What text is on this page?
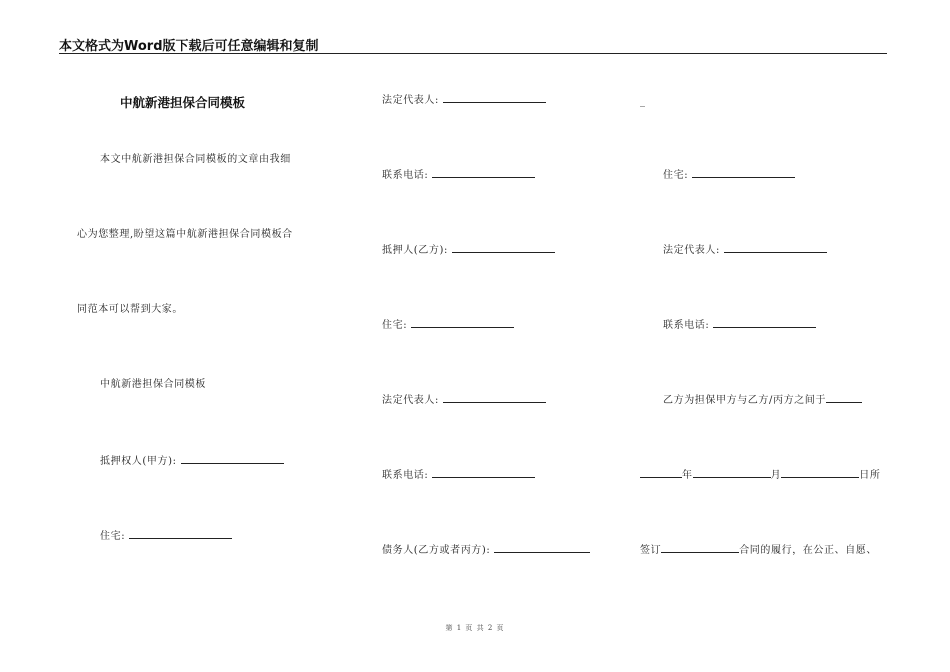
本文格式为Word版下载后可任意编辑和复制
中航新港担保合同模板
本文中航新港担保合同模板的文章由我细
心为您整理,盼望这篇中航新港担保合同模板合
同范本可以帮到大家。
中航新港担保合同模板
抵押权人(甲方):
住宅:
法定代表人:
联系电话:
抵押人(乙方):
住宅:
法定代表人:
联系电话:
债务人(乙方或者丙方):
_
住宅:
法定代表人:
联系电话:
乙方为担保甲方与乙方/丙方之间于
年	月	日所
签订	合同的履行，在公正、自愿、
第 1 页 共 2 页
